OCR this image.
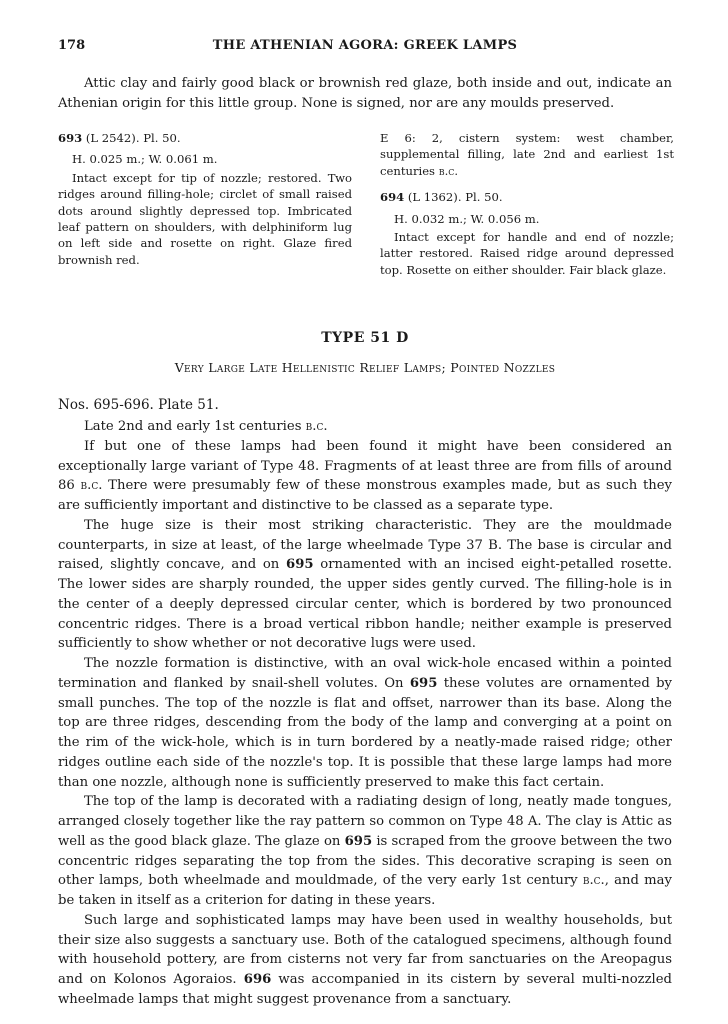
178	THE ATHENIAN AGORA: GREEK LAMPS

Attic clay and fairly good black or brownish red glaze, both inside and out, indicate an Athenian origin for this little group. None is signed, nor are any moulds preserved.

693 (L 2542). Pl. 50.

H. 0.025 m.; W. 0.061 m.

Intact except for tip of nozzle; restored. Two ridges around filling-hole; circlet of small raised dots around slightly depressed top. Imbricated leaf pattern on shoulders, with delphiniform lug on left side and rosette on right. Glaze fired brownish red.

E 6: 2, cistern system: west chamber, supplemental filling, late 2nd and earliest 1st centuries b.c.

694 (L 1362). Pl. 50.

H. 0.032 m.; W. 0.056 m.

Intact except for handle and end of nozzle; latter restored. Raised ridge around depressed top. Rosette on either shoulder. Fair black glaze.

TYPE 51 D
Very Large Late Hellenistic Relief Lamps; Pointed Nozzles

Nos. 695-696. Plate 51.

Late 2nd and early 1st centuries b.c.

If but one of these lamps had been found it might have been considered an exceptionally large variant of Type 48. Fragments of at least three are from fills of around 86 b.c. There were presumably few of these monstrous examples made, but as such they are sufficiently important and distinctive to be classed as a separate type.

The huge size is their most striking characteristic. They are the mouldmade counterparts, in size at least, of the large wheelmade Type 37 B. The base is circular and raised, slightly concave, and on 695 ornamented with an incised eight-petalled rosette. The lower sides are sharply rounded, the upper sides gently curved. The filling-hole is in the center of a deeply depressed circular center, which is bordered by two pronounced concentric ridges. There is a broad vertical ribbon handle; neither example is preserved sufficiently to show whether or not decorative lugs were used.

The nozzle formation is distinctive, with an oval wick-hole encased within a pointed termination and flanked by snail-shell volutes. On 695 these volutes are ornamented by small punches. The top of the nozzle is flat and offset, narrower than its base. Along the top are three ridges, descending from the body of the lamp and converging at a point on the rim of the wick-hole, which is in turn bordered by a neatly-made raised ridge; other ridges outline each side of the nozzle's top. It is possible that these large lamps had more than one nozzle, although none is sufficiently preserved to make this fact certain.

The top of the lamp is decorated with a radiating design of long, neatly made tongues, arranged closely together like the ray pattern so common on Type 48 A. The clay is Attic as well as the good black glaze. The glaze on 695 is scraped from the groove between the two concentric ridges separating the top from the sides. This decorative scraping is seen on other lamps, both wheelmade and mouldmade, of the very early 1st century b.c., and may be taken in itself as a criterion for dating in these years.

Such large and sophisticated lamps may have been used in wealthy households, but their size also suggests a sanctuary use. Both of the catalogued specimens, although found with household pottery, are from cisterns not very far from sanctuaries on the Areopagus and on Kolonos Agoraios. 696 was accompanied in its cistern by several multi-nozzled wheelmade lamps that might suggest provenance from a sanctuary.
